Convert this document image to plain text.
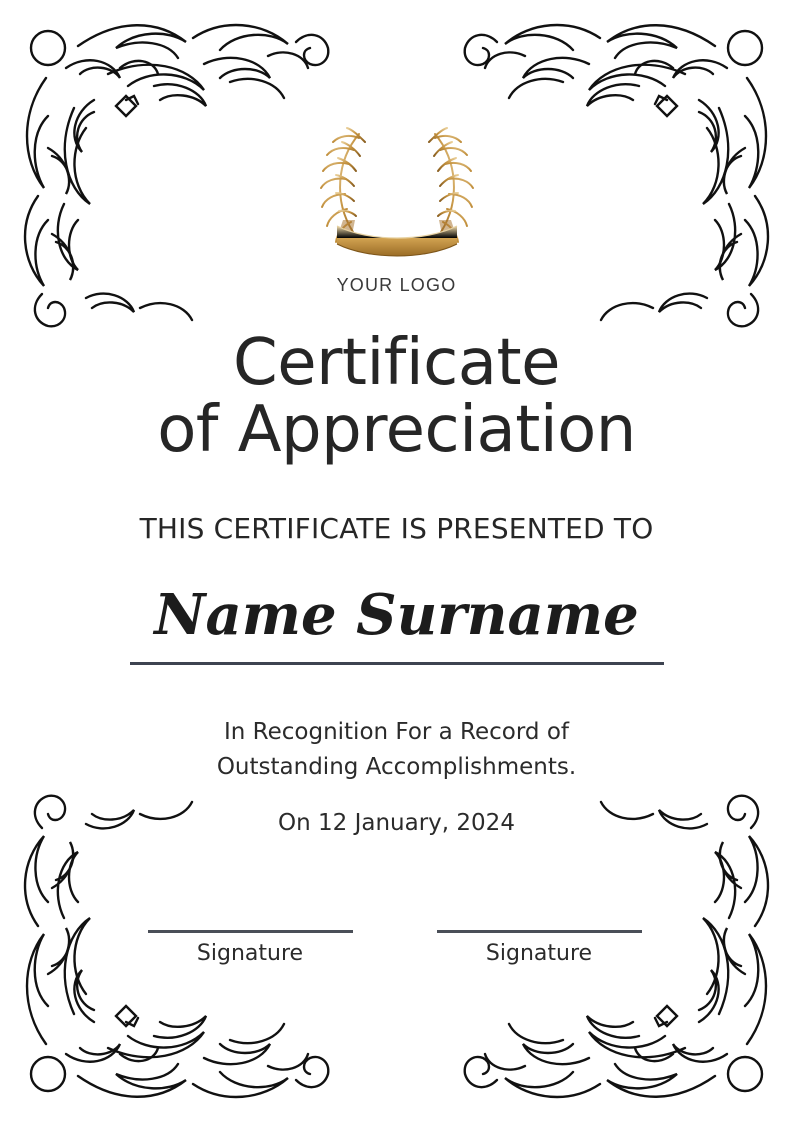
YOUR LOGO
Certificate
of Appreciation
THIS CERTIFICATE IS PRESENTED TO
Name Surname
In Recognition For a Record of
Outstanding Accomplishments.
On 12 January, 2024
Signature	Signature
